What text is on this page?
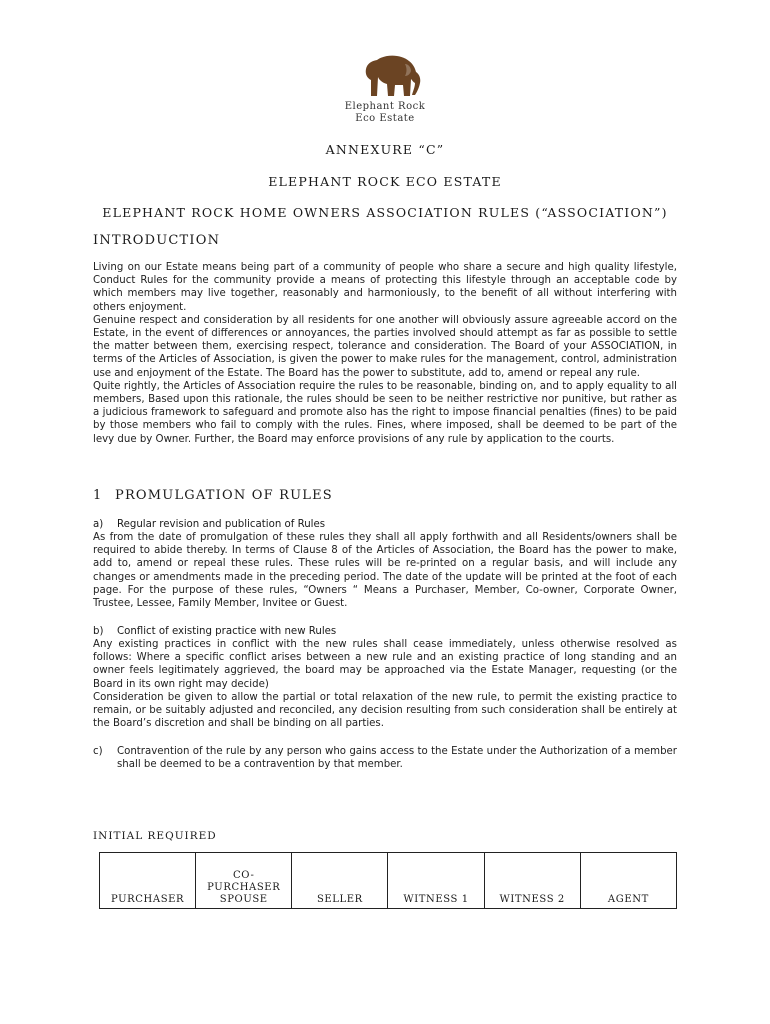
Elephant Rock
Eco Estate
ANNEXURE “C”
ELEPHANT ROCK ECO ESTATE
ELEPHANT ROCK HOME OWNERS ASSOCIATION RULES (“ASSOCIATION”)
INTRODUCTION

Living on our Estate means being part of a community of people who share a secure and high quality lifestyle, Conduct Rules for the community provide a means of protecting this lifestyle through an acceptable code by which members may live together, reasonably and harmoniously, to the benefit of all without interfering with others enjoyment.

Genuine respect and consideration by all residents for one another will obviously assure agreeable accord on the Estate, in the event of differences or annoyances, the parties involved should attempt as far as possible to settle the matter between them, exercising respect, tolerance and consideration. The Board of your ASSOCIATION, in terms of the Articles of Association, is given the power to make rules for the management, control, administration use and enjoyment of the Estate. The Board has the power to substitute, add to, amend or repeal any rule.

Quite rightly, the Articles of Association require the rules to be reasonable, binding on, and to apply equality to all members, Based upon this rationale, the rules should be seen to be neither restrictive nor punitive, but rather as a judicious framework to safeguard and promote also has the right to impose financial penalties (fines) to be paid by those members who fail to comply with the rules. Fines, where imposed, shall be deemed to be part of the levy due by Owner. Further, the Board may enforce provisions of any rule by application to the courts.

1 PROMULGATION OF RULES
a) Regular revision and publication of Rules

As from the date of promulgation of these rules they shall all apply forthwith and all Residents/owners shall be required to abide thereby. In terms of Clause 8 of the Articles of Association, the Board has the power to make, add to, amend or repeal these rules. These rules will be re-printed on a regular basis, and will include any changes or amendments made in the preceding period. The date of the update will be printed at the foot of each page. For the purpose of these rules, “Owners “ Means a Purchaser, Member, Co-owner, Corporate Owner, Trustee, Lessee, Family Member, Invitee or Guest.

b) Conflict of existing practice with new Rules

Any existing practices in conflict with the new rules shall cease immediately, unless otherwise resolved as follows: Where a specific conflict arises between a new rule and an existing practice of long standing and an owner feels legitimately aggrieved, the board may be approached via the Estate Manager, requesting (or the Board in its own right may decide)

Consideration be given to allow the partial or total relaxation of the new rule, to permit the existing practice to remain, or be suitably adjusted and reconciled, any decision resulting from such consideration shall be entirely at the Board’s discretion and shall be binding on all parties.

c)	Contravention of the rule by any person who gains access to the Estate under the Authorization of a member shall be deemed to be a contravention by that member.

INITIAL REQUIRED
PURCHASER	CO-PURCHASER SPOUSE	SELLER	WITNESS 1	WITNESS 2	AGENT
